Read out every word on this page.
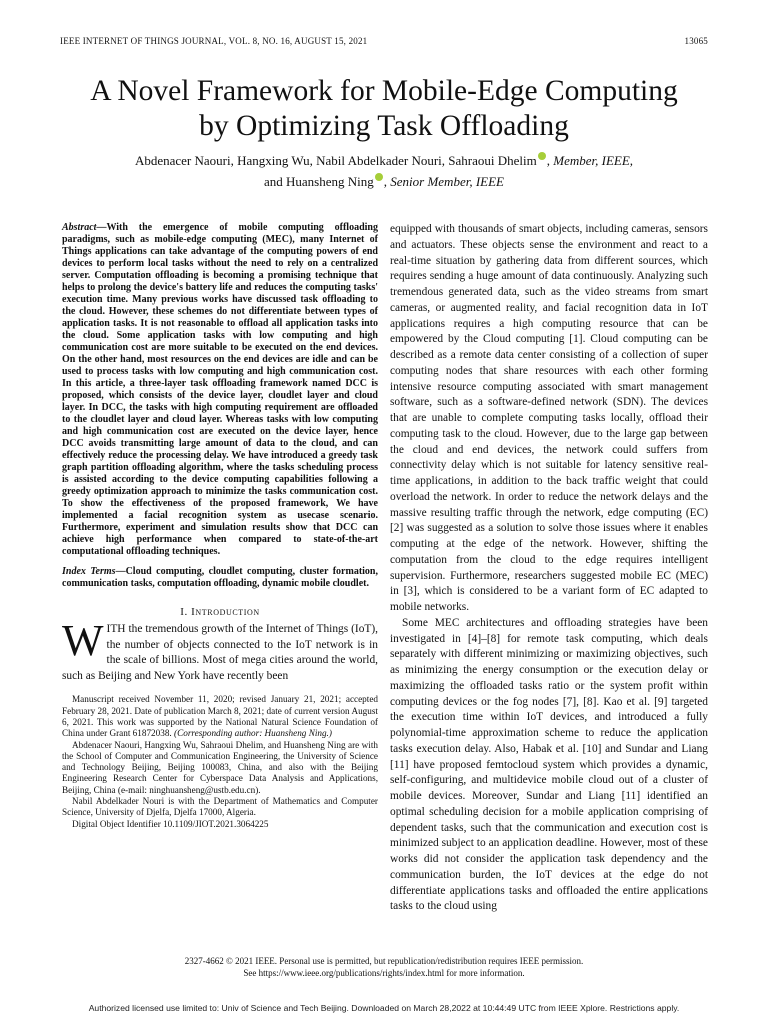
IEEE INTERNET OF THINGS JOURNAL, VOL. 8, NO. 16, AUGUST 15, 2021	13065
A Novel Framework for Mobile-Edge Computing
by Optimizing Task Offloading
Abdenacer Naouri, Hangxing Wu, Nabil Abdelkader Nouri, Sahraoui Dhelim , Member, IEEE,
and Huansheng Ning , Senior Member, IEEE

Abstract—With the emergence of mobile computing offloading paradigms, such as mobile-edge computing (MEC), many Internet of Things applications can take advantage of the computing powers of end devices to perform local tasks without the need to rely on a centralized server. Computation offloading is becoming a promising technique that helps to prolong the device's battery life and reduces the computing tasks' execution time. Many previous works have discussed task offloading to the cloud. However, these schemes do not differentiate between types of application tasks. It is not reasonable to offload all application tasks into the cloud. Some application tasks with low computing and high communication cost are more suitable to be executed on the end devices. On the other hand, most resources on the end devices are idle and can be used to process tasks with low computing and high communication cost. In this article, a three-layer task offloading framework named DCC is proposed, which consists of the device layer, cloudlet layer and cloud layer. In DCC, the tasks with high computing requirement are offloaded to the cloudlet layer and cloud layer. Whereas tasks with low computing and high communication cost are executed on the device layer, hence DCC avoids transmitting large amount of data to the cloud, and can effectively reduce the processing delay. We have introduced a greedy task graph partition offloading algorithm, where the tasks scheduling process is assisted according to the device computing capabilities following a greedy optimization approach to minimize the tasks communication cost. To show the effectiveness of the proposed framework, We have implemented a facial recognition system as usecase scenario. Furthermore, experiment and simulation results show that DCC can achieve high performance when compared to state-of-the-art computational offloading techniques.

Index Terms—Cloud computing, cloudlet computing, cluster formation, communication tasks, computation offloading, dynamic mobile cloudlet.
I. Introduction
WITH the tremendous growth of the Internet of Things (IoT), the number of objects connected to the IoT network is in the scale of billions. Most of mega cities around the world, such as Beijing and New York have recently been

Manuscript received November 11, 2020; revised January 21, 2021; accepted February 28, 2021. Date of publication March 8, 2021; date of current version August 6, 2021. This work was supported by the National Natural Science Foundation of China under Grant 61872038. (Corresponding author: Huansheng Ning.)

Abdenacer Naouri, Hangxing Wu, Sahraoui Dhelim, and Huansheng Ning are with the School of Computer and Communication Engineering, the University of Science and Technology Beijing, Beijing 100083, China, and also with the Beijing Engineering Research Center for Cyberspace Data Analysis and Applications, Beijing, China (e-mail: ninghuansheng@ustb.edu.cn).

Nabil Abdelkader Nouri is with the Department of Mathematics and Computer Science, University of Djelfa, Djelfa 17000, Algeria.

Digital Object Identifier 10.1109/JIOT.2021.3064225

equipped with thousands of smart objects, including cameras, sensors and actuators. These objects sense the environment and react to a real-time situation by gathering data from different sources, which requires sending a huge amount of data continuously. Analyzing such tremendous generated data, such as the video streams from smart cameras, or augmented reality, and facial recognition data in IoT applications requires a high computing resource that can be empowered by the Cloud computing [1]. Cloud computing can be described as a remote data center consisting of a collection of super computing nodes that share resources with each other forming intensive resource computing associated with smart management software, such as a software-defined network (SDN). The devices that are unable to complete computing tasks locally, offload their computing task to the cloud. However, due to the large gap between the cloud and end devices, the network could suffers from connectivity delay which is not suitable for latency sensitive real-time applications, in addition to the back traffic weight that could overload the network. In order to reduce the network delays and the massive resulting traffic through the network, edge computing (EC) [2] was suggested as a solution to solve those issues where it enables computing at the edge of the network. However, shifting the computation from the cloud to the edge requires intelligent supervision. Furthermore, researchers suggested mobile EC (MEC) in [3], which is considered to be a variant form of EC adapted to mobile networks.

Some MEC architectures and offloading strategies have been investigated in [4]–[8] for remote task computing, which deals separately with different minimizing or maximizing objectives, such as minimizing the energy consumption or the execution delay or maximizing the offloaded tasks ratio or the system profit within computing devices or the fog nodes [7], [8]. Kao et al. [9] targeted the execution time within IoT devices, and introduced a fully polynomial-time approximation scheme to reduce the application tasks execution delay. Also, Habak et al. [10] and Sundar and Liang [11] have proposed femtocloud system which provides a dynamic, self-configuring, and multidevice mobile cloud out of a cluster of mobile devices. Moreover, Sundar and Liang [11] identified an optimal scheduling decision for a mobile application comprising of dependent tasks, such that the communication and execution cost is minimized subject to an application deadline. However, most of these works did not consider the application task dependency and the communication burden, the IoT devices at the edge do not differentiate applications tasks and offloaded the entire applications tasks to the cloud using

2327-4662 © 2021 IEEE. Personal use is permitted, but republication/redistribution requires IEEE permission.
See https://www.ieee.org/publications/rights/index.html for more information.
Authorized licensed use limited to: Univ of Science and Tech Beijing. Downloaded on March 28,2022 at 10:44:49 UTC from IEEE Xplore. Restrictions apply.
